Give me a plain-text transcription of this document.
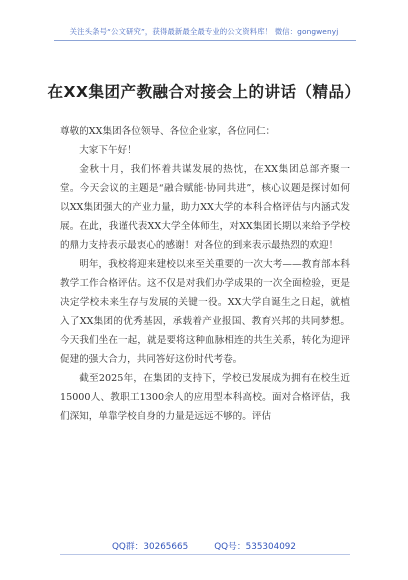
关注头条号“公文研究”，获得最新最全最专业的公文资料库！ 微信：gongwenyj
在XX集团产教融合对接会上的讲话（精品）

尊敬的XX集团各位领导、各位企业家，各位同仁：

大家下午好！

金秋十月，我们怀着共谋发展的热忱，在XX集团总部齐聚一堂。今天会议的主题是“融合赋能·协同共进”，核心议题是探讨如何以XX集团强大的产业力量，助力XX大学的本科合格评估与内涵式发展。在此，我谨代表XX大学全体师生，对XX集团长期以来给予学校的鼎力支持表示最衷心的感谢！对各位的到来表示最热烈的欢迎！

明年，我校将迎来建校以来至关重要的一次大考——教育部本科教学工作合格评估。这不仅是对我们办学成果的一次全面检验，更是决定学校未来生存与发展的关键一役。XX大学自诞生之日起，就植入了XX集团的优秀基因，承载着产业报国、教育兴邦的共同梦想。今天我们坐在一起，就是要将这种血脉相连的共生关系，转化为迎评促建的强大合力，共同答好这份时代考卷。

截至2025年，在集团的支持下，学校已发展成为拥有在校生近15000人、教职工1300余人的应用型本科高校。面对合格评估，我们深知，单靠学校自身的力量是远远不够的。评估

QQ群：30265665	QQ号：535304092
